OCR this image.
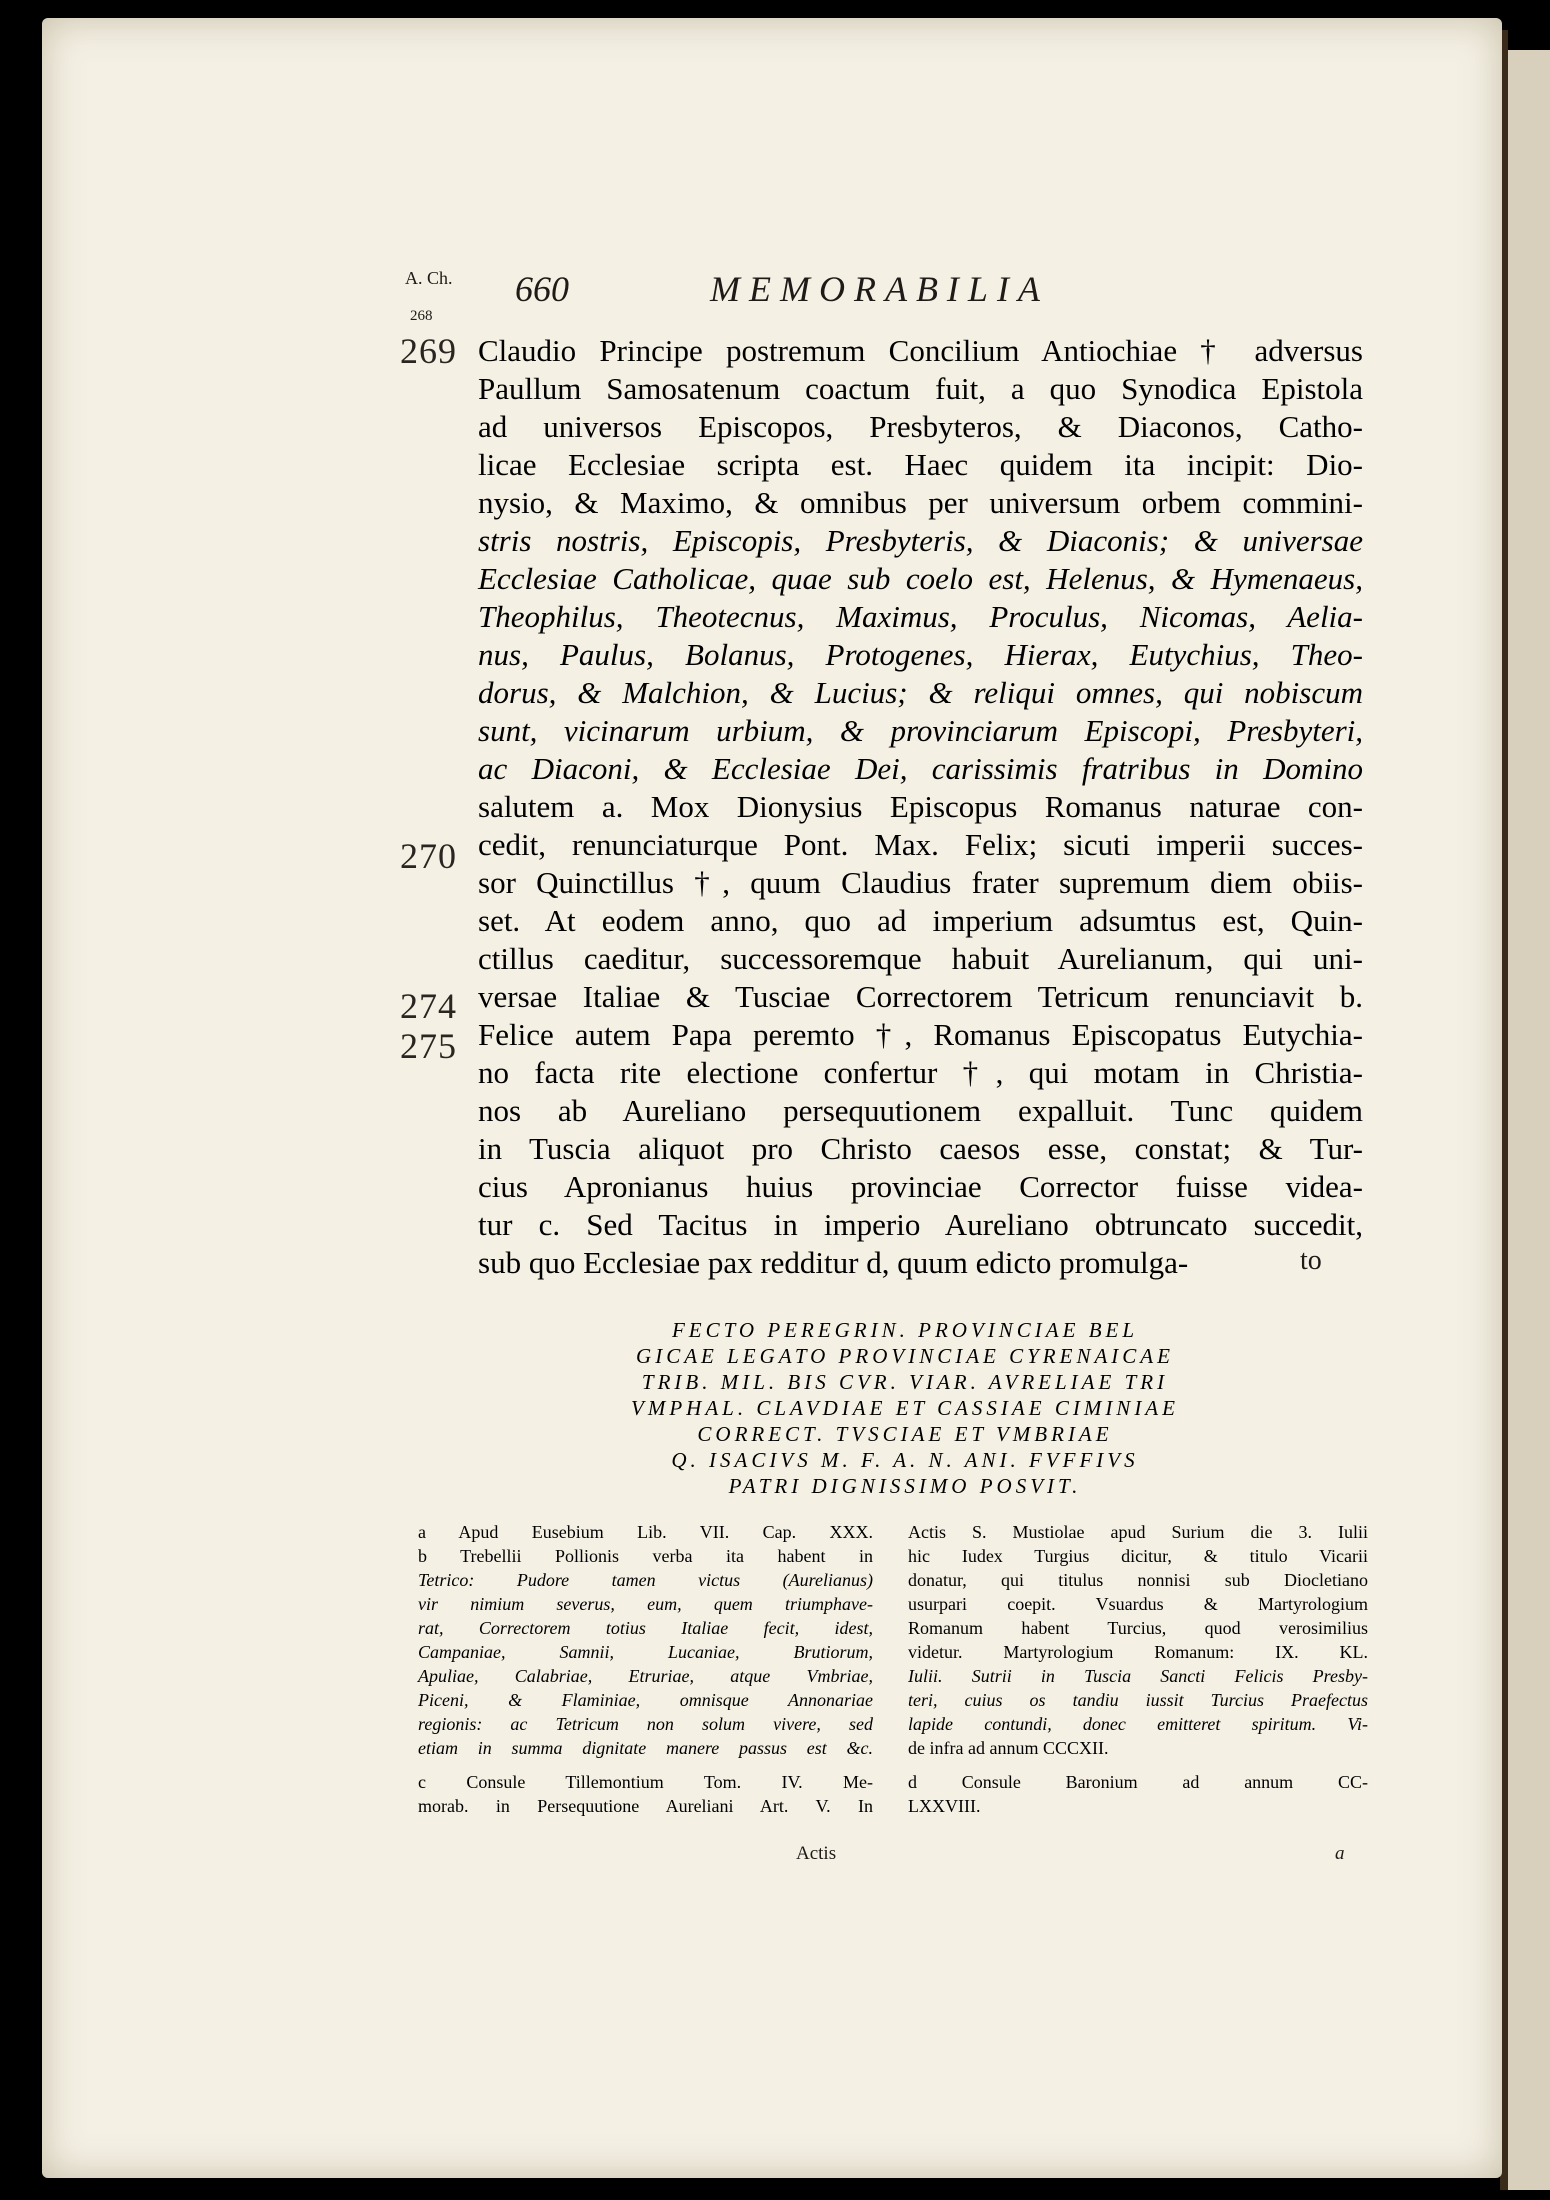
A. Ch.
268
660	MEMORABILIA
269
270
274
275
Claudio Principe postremum Concilium Antiochiae † adversus
Paullum Samosatenum coactum fuit, a quo Synodica Epistola
ad universos Episcopos, Presbyteros, & Diaconos, Catho-
licae Ecclesiae scripta est. Haec quidem ita incipit: Dio-
nysio, & Maximo, & omnibus per universum orbem commini-
stris nostris, Episcopis, Presbyteris, & Diaconis; & universae
Ecclesiae Catholicae, quae sub coelo est, Helenus, & Hymenaeus,
Theophilus, Theotecnus, Maximus, Proculus, Nicomas, Aelia-
nus, Paulus, Bolanus, Protogenes, Hierax, Eutychius, Theo-
dorus, & Malchion, & Lucius; & reliqui omnes, qui nobiscum
sunt, vicinarum urbium, & provinciarum Episcopi, Presbyteri,
ac Diaconi, & Ecclesiae Dei, carissimis fratribus in Domino
salutem a. Mox Dionysius Episcopus Romanus naturae con-
cedit, renunciaturque Pont. Max. Felix; sicuti imperii succes-
sor Quinctillus †, quum Claudius frater supremum diem obiis-
set. At eodem anno, quo ad imperium adsumtus est, Quin-
ctillus caeditur, successoremque habuit Aurelianum, qui uni-
versae Italiae & Tusciae Correctorem Tetricum renunciavit b.
Felice autem Papa peremto †, Romanus Episcopatus Eutychia-
no facta rite electione confertur †, qui motam in Christia-
nos ab Aureliano persequutionem expalluit. Tunc quidem
in Tuscia aliquot pro Christo caesos esse, constat; & Tur-
cius Apronianus huius provinciae Corrector fuisse videa-
tur c. Sed Tacitus in imperio Aureliano obtruncato succedit,
sub quo Ecclesiae pax redditur d, quum edicto promulga-	to
FECTO PEREGRIN. PROVINCIAE BEL
GICAE LEGATO PROVINCIAE CYRENAICAE
TRIB. MIL. BIS CVR. VIAR. AVRELIAE TRI
VMPHAL. CLAVDIAE ET CASSIAE CIMINIAE
CORRECT. TVSCIAE ET VMBRIAE
Q. ISACIVS M. F. A. N. ANI. FVFFIVS
PATRI DIGNISSIMO POSVIT.
a Apud Eusebium Lib. VII. Cap. XXX.
b Trebellii Pollionis verba ita habent in
Tetrico: Pudore tamen victus (Aurelianus)
vir nimium severus, eum, quem triumphave-
rat, Correctorem totius Italiae fecit, idest,
Campaniae, Samnii, Lucaniae, Brutiorum,
Apuliae, Calabriae, Etruriae, atque Vmbriae,
Piceni, & Flaminiae, omnisque Annonariae
regionis: ac Tetricum non solum vivere, sed
etiam in summa dignitate manere passus est &c.
c Consule Tillemontium Tom. IV. Me-
morab. in Persequutione Aureliani Art. V. In
Actis
Actis S. Mustiolae apud Surium die 3. Iulii
hic Iudex Turgius dicitur, & titulo Vicarii
donatur, qui titulus nonnisi sub Diocletiano
usurpari coepit. Vsuardus & Martyrologium
Romanum habent Turcius, quod verosimilius
videtur. Martyrologium Romanum: IX. KL.
Iulii. Sutrii in Tuscia Sancti Felicis Presby-
teri, cuius os tandiu iussit Turcius Praefectus
lapide contundi, donec emitteret spiritum. Vi-
de infra ad annum CCCXII.
d Consule Baronium ad annum CC-
LXXVIII.
a
